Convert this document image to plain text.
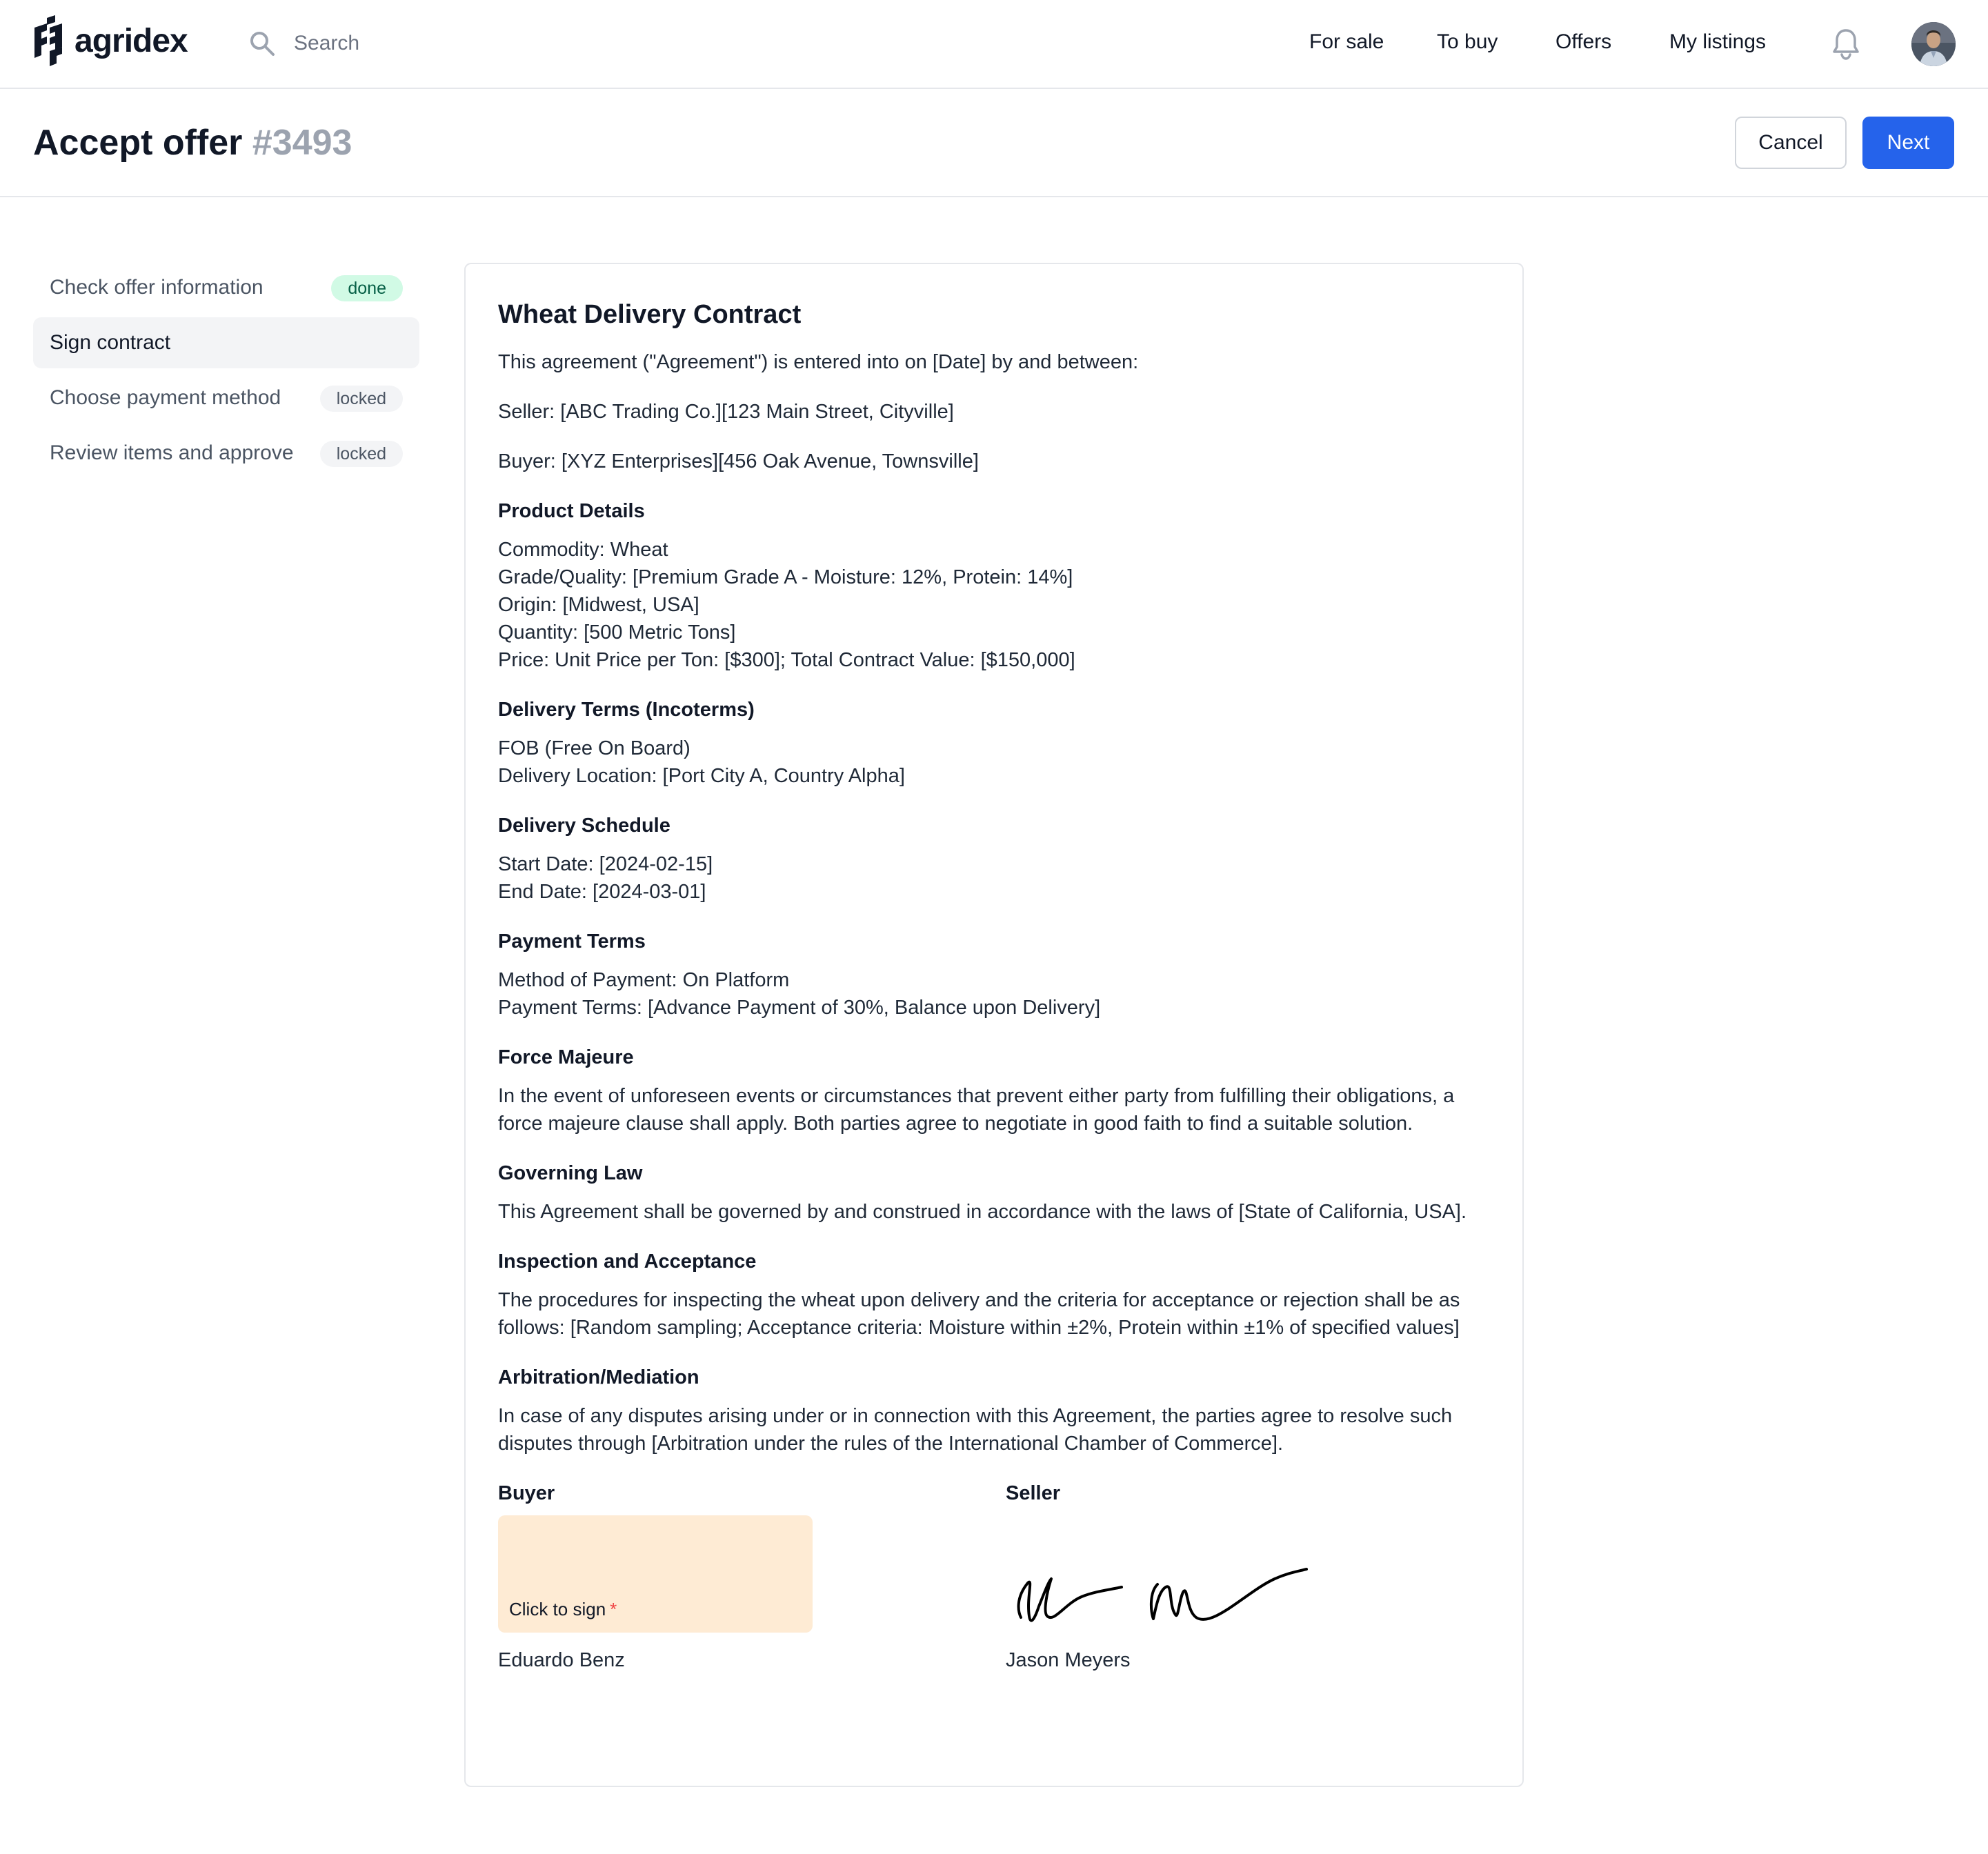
agridex
Search	For sale	To buy	Offers	My listings
Accept offer #3493	Cancel	Next
Check offer information	done
Sign contract
Choose payment method	locked
Review items and approve	locked
Wheat Delivery Contract

This agreement ("Agreement") is entered into on [Date] by and between:

Seller: [ABC Trading Co.][123 Main Street, Cityville]

Buyer: [XYZ Enterprises][456 Oak Avenue, Townsville]

Product Details
Commodity: Wheat
Grade/Quality: [Premium Grade A - Moisture: 12%, Protein: 14%]
Origin: [Midwest, USA]
Quantity: [500 Metric Tons]
Price: Unit Price per Ton: [$300]; Total Contract Value: [$150,000]
Delivery Terms (Incoterms)
FOB (Free On Board)
Delivery Location: [Port City A, Country Alpha]
Delivery Schedule
Start Date: [2024-02-15]
End Date: [2024-03-01]
Payment Terms
Method of Payment: On Platform
Payment Terms: [Advance Payment of 30%, Balance upon Delivery]
Force Majeure

In the event of unforeseen events or circumstances that prevent either party from fulfilling their obligations, a force majeure clause shall apply. Both parties agree to negotiate in good faith to find a suitable solution.

Governing Law

This Agreement shall be governed by and construed in accordance with the laws of [State of California, USA].

Inspection and Acceptance

The procedures for inspecting the wheat upon delivery and the criteria for acceptance or rejection shall be as follows: [Random sampling; Acceptance criteria: Moisture within ±2%, Protein within ±1% of specified values]

Arbitration/Mediation

In case of any disputes arising under or in connection with this Agreement, the parties agree to resolve such disputes through [Arbitration under the rules of the International Chamber of Commerce].

Buyer
Click to sign *
Eduardo Benz
Seller
Jason Meyers
